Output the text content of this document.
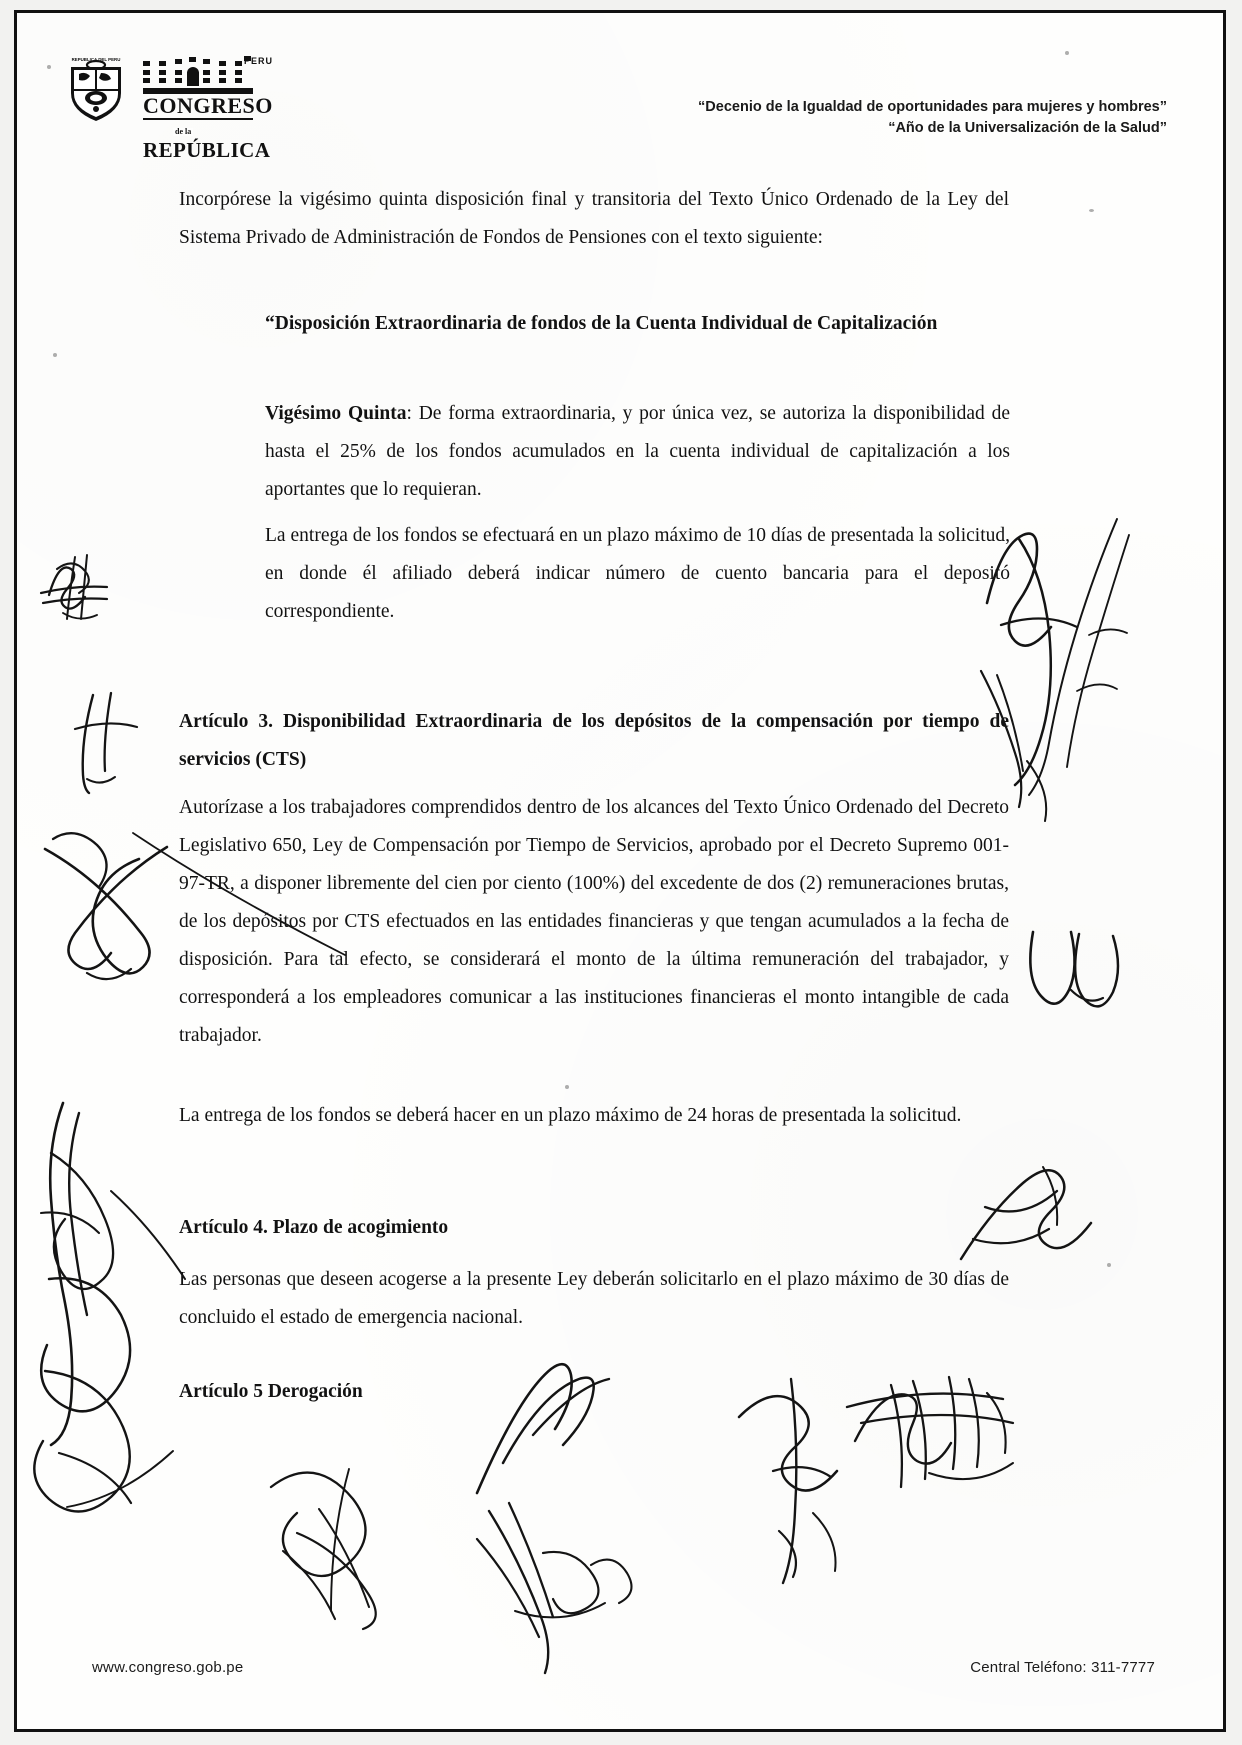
REPUBLICA DEL PERU	PERU
CONGRESO
de la
REPÚBLICA
“Decenio de la Igualdad de oportunidades para mujeres y hombres”
“Año de la Universalización de la Salud”
Incorpórese la vigésimo quinta disposición final y transitoria del Texto Único Ordenado de la Ley del Sistema Privado de Administración de Fondos de Pensiones con el texto siguiente:
“Disposición Extraordinaria de fondos de la Cuenta Individual de Capitalización
Vigésimo Quinta: De forma extraordinaria, y por única vez, se autoriza la disponibilidad de hasta el 25% de los fondos acumulados en la cuenta individual de capitalización a los aportantes que lo requieran.
La entrega de los fondos se efectuará en un plazo máximo de 10 días de presentada la solicitud, en donde él afiliado deberá indicar número de cuento bancaria para el depositó correspondiente.
Artículo 3. Disponibilidad Extraordinaria de los depósitos de la compensación por tiempo de servicios (CTS)
Autorízase a los trabajadores comprendidos dentro de los alcances del Texto Único Ordenado del Decreto Legislativo 650, Ley de Compensación por Tiempo de Servicios, aprobado por el Decreto Supremo 001-97-TR, a disponer libremente del cien por ciento (100%) del excedente de dos (2) remuneraciones brutas, de los depósitos por CTS efectuados en las entidades financieras y que tengan acumulados a la fecha de disposición. Para tal efecto, se considerará el monto de la última remuneración del trabajador, y corresponderá a los empleadores comunicar a las instituciones financieras el monto intangible de cada trabajador.
La entrega de los fondos se deberá hacer en un plazo máximo de 24 horas de presentada la solicitud.
Artículo 4. Plazo de acogimiento
Las personas que deseen acogerse a la presente Ley deberán solicitarlo en el plazo máximo de 30 días de concluido el estado de emergencia nacional.
Artículo 5 Derogación
www.congreso.gob.pe	Central Teléfono: 311-7777
